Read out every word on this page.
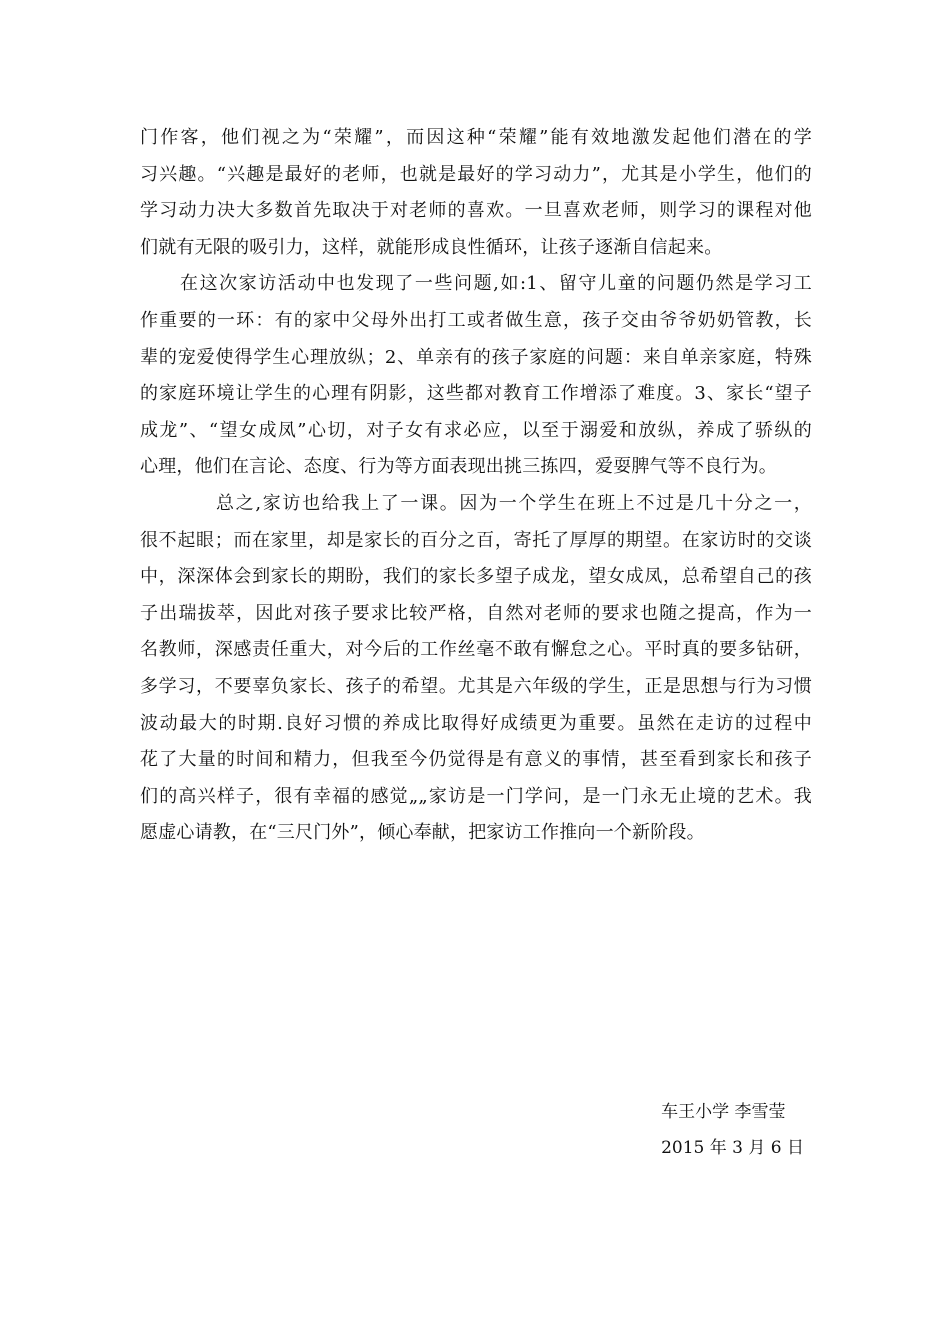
门作客，他们视之为“荣耀”，而因这种“荣耀”能有效地激发起他们潜在的学
习兴趣。“兴趣是最好的老师，也就是最好的学习动力”，尤其是小学生，他们的
学习动力决大多数首先取决于对老师的喜欢。一旦喜欢老师，则学习的课程对他
们就有无限的吸引力，这样，就能形成良性循环，让孩子逐渐自信起来。
在这次家访活动中也发现了一些问题,如:1、留守儿童的问题仍然是学习工
作重要的一环：有的家中父母外出打工或者做生意，孩子交由爷爷奶奶管教，长
辈的宠爱使得学生心理放纵；2、单亲有的孩子家庭的问题：来自单亲家庭，特殊
的家庭环境让学生的心理有阴影，这些都对教育工作增添了难度。3、家长“望子
成龙”、“望女成凤”心切，对子女有求必应，以至于溺爱和放纵，养成了骄纵的
心理，他们在言论、态度、行为等方面表现出挑三拣四，爱耍脾气等不良行为。
总之,家访也给我上了一课。因为一个学生在班上不过是几十分之一，
很不起眼；而在家里，却是家长的百分之百，寄托了厚厚的期望。在家访时的交谈
中，深深体会到家长的期盼，我们的家长多望子成龙，望女成凤，总希望自己的孩
子出瑞拔萃，因此对孩子要求比较严格，自然对老师的要求也随之提高，作为一
名教师，深感责任重大，对今后的工作丝毫不敢有懈怠之心。平时真的要多钻研，
多学习，不要辜负家长、孩子的希望。尤其是六年级的学生，正是思想与行为习惯
波动最大的时期.良好习惯的养成比取得好成绩更为重要。虽然在走访的过程中
花了大量的时间和精力，但我至今仍觉得是有意义的事情，甚至看到家长和孩子
们的高兴样子，很有幸福的感觉„„家访是一门学问，是一门永无止境的艺术。我
愿虚心请教，在“三尺门外”，倾心奉献，把家访工作推向一个新阶段。
车王小学 李雪莹
2015 年 3 月 6 日
